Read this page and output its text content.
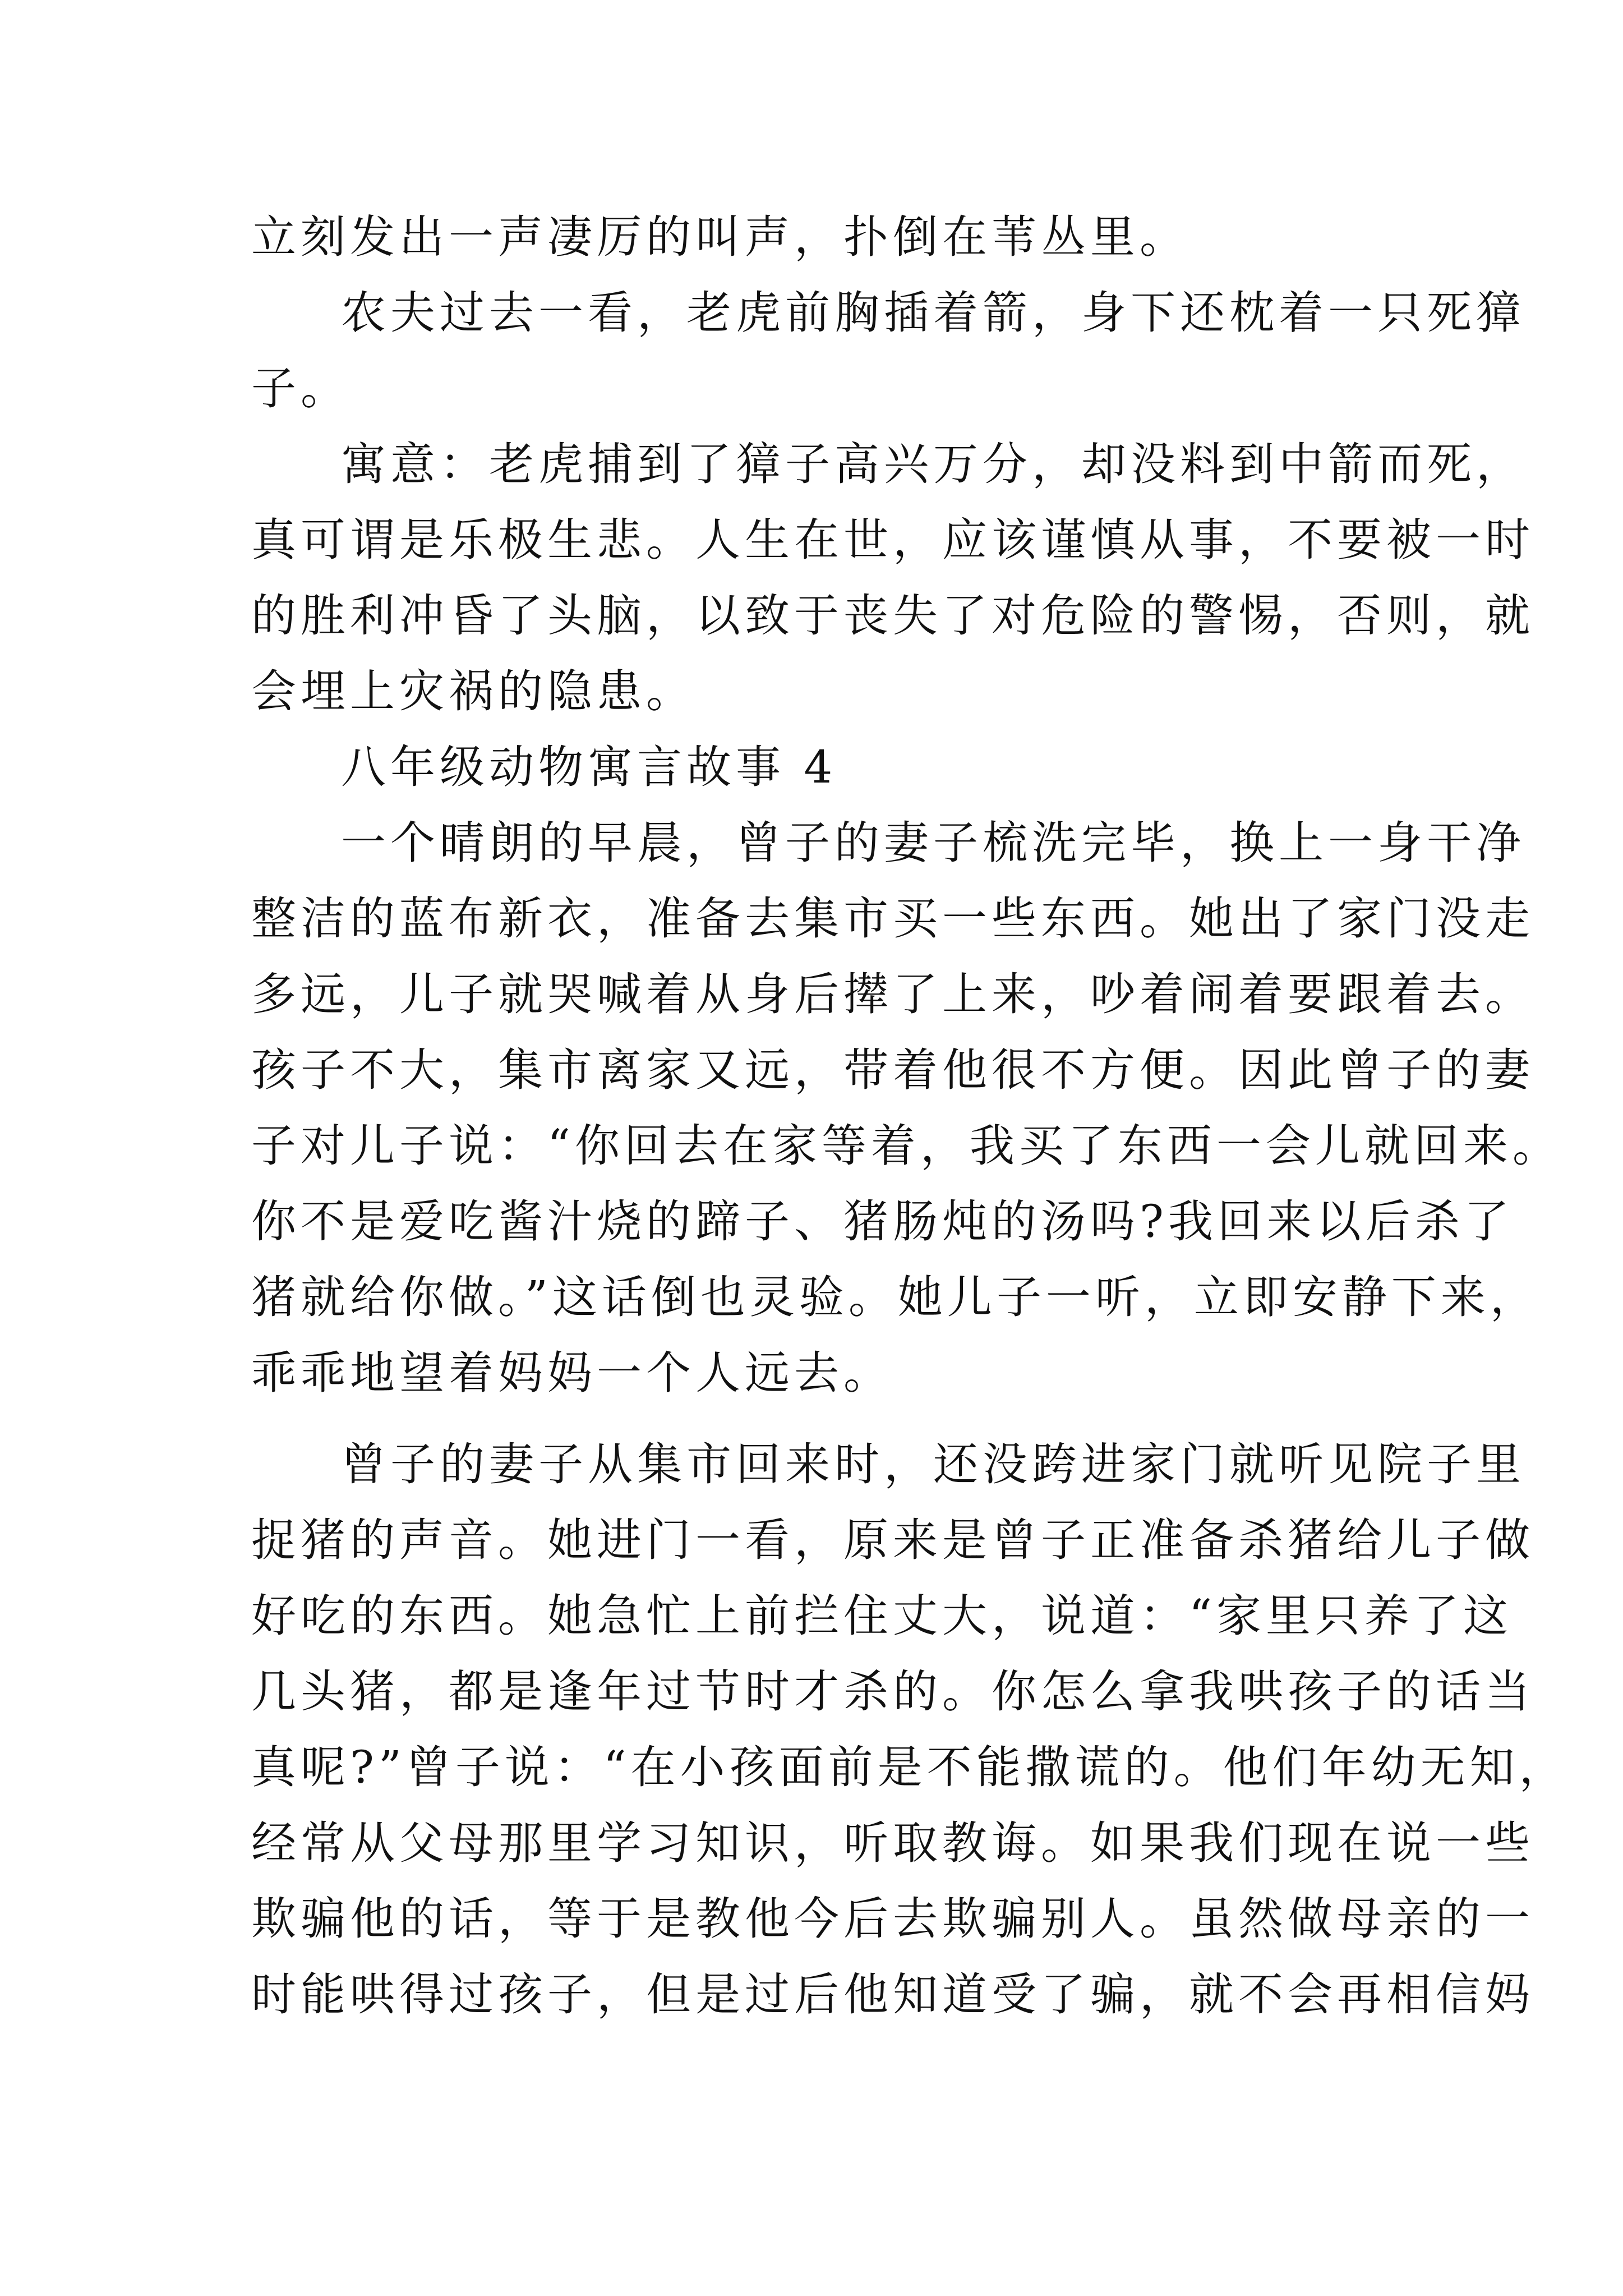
立刻发出一声凄厉的叫声，扑倒在苇丛里。
农夫过去一看，老虎前胸插着箭，身下还枕着一只死獐
子。
寓意：老虎捕到了獐子高兴万分，却没料到中箭而死，
真可谓是乐极生悲。人生在世，应该谨慎从事，不要被一时
的胜利冲昏了头脑，以致于丧失了对危险的警惕，否则，就
会埋上灾祸的隐患。
八年级动物寓言故事 4
一个晴朗的早晨，曾子的妻子梳洗完毕，换上一身干净
整洁的蓝布新衣，准备去集市买一些东西。她出了家门没走
多远，儿子就哭喊着从身后撵了上来，吵着闹着要跟着去。
孩子不大，集市离家又远，带着他很不方便。因此曾子的妻
子对儿子说：“你回去在家等着，我买了东西一会儿就回来。
你不是爱吃酱汁烧的蹄子、猪肠炖的汤吗?我回来以后杀了
猪就给你做。”这话倒也灵验。她儿子一听，立即安静下来，
乖乖地望着妈妈一个人远去。
曾子的妻子从集市回来时，还没跨进家门就听见院子里
捉猪的声音。她进门一看，原来是曾子正准备杀猪给儿子做
好吃的东西。她急忙上前拦住丈大，说道：“家里只养了这
几头猪，都是逢年过节时才杀的。你怎么拿我哄孩子的话当
真呢?”曾子说：“在小孩面前是不能撒谎的。他们年幼无知，
经常从父母那里学习知识，听取教诲。如果我们现在说一些
欺骗他的话，等于是教他今后去欺骗别人。虽然做母亲的一
时能哄得过孩子，但是过后他知道受了骗，就不会再相信妈
